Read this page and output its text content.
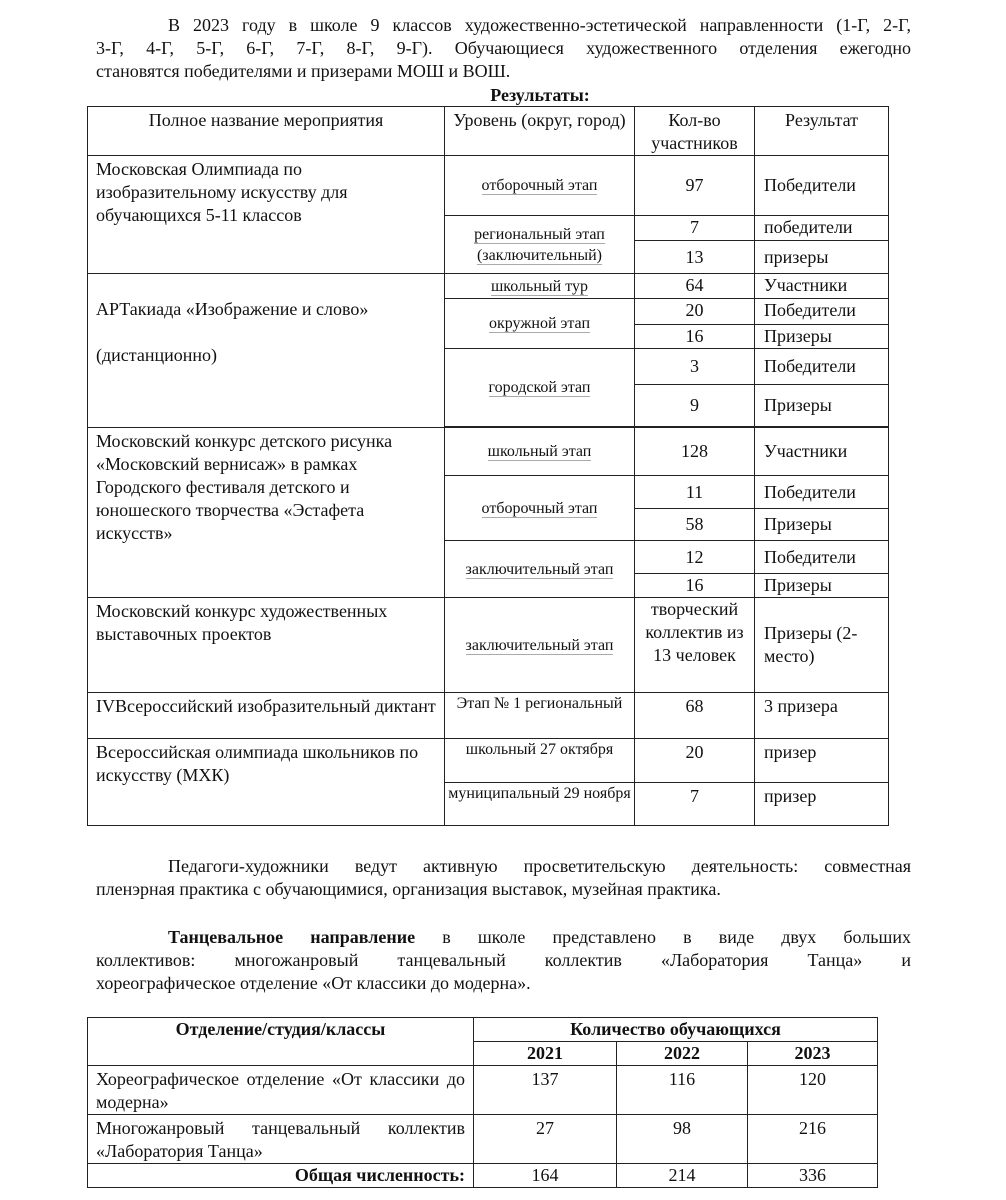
В 2023 году в школе 9 классов художественно-эстетической направленности (1-Г, 2-Г,
3-Г, 4-Г, 5-Г, 6-Г, 7-Г, 8-Г, 9-Г). Обучающиеся художественного отделения ежегодно
становятся победителями и призерами МОШ и ВОШ.

Результаты:
Полное название мероприятия	Уровень (округ, город)	Кол-во участников	Результат
Московская Олимпиада по изобразительному искусству для обучающихся 5-11 классов	отборочный этап	97	Победители
	региональный этап (заключительный)	7	победители
		13	призеры

АРТакиада «Изображение и слово»
(дистанционно)	школьный тур	64	Участники
	окружной этап	20	Победители
		16	Призеры
	городской этап	3	Победители
		9	Призеры

Московский конкурс детского рисунка «Московский вернисаж» в рамках Городского фестиваля детского и юношеского творчества «Эстафета искусств»	школьный этап	128	Участники
	отборочный этап	11	Победители
		58	Призеры
	заключительный этап	12	Победители
		16	Призеры
Московский конкурс художественных выставочных проектов	заключительный этап	творческий коллектив из 13 человек	Призеры (2-место)
IVВсероссийский изобразительный диктант	Этап № 1 региональный	68	3 призера
Всероссийская олимпиада школьников по искусству (МХК)	школьный 27 октября	20	призер
	муниципальный 29 ноября	7	призер

Педагоги-художники ведут активную просветительскую деятельность: совместная
пленэрная практика с обучающимися, организация выставок, музейная практика.

Танцевальное направление в школе представлено в виде двух больших
коллективов: многожанровый танцевальный коллектив «Лаборатория Танца» и
хореографическое отделение «От классики до модерна».

Отделение/студия/классы	Количество обучающихся		
	2021	2022	2023
Хореографическое отделение «От классики до модерна»	137	116	120
Многожанровый танцевальный коллектив «Лаборатория Танца»	27	98	216
Общая численность:	164	214	336
